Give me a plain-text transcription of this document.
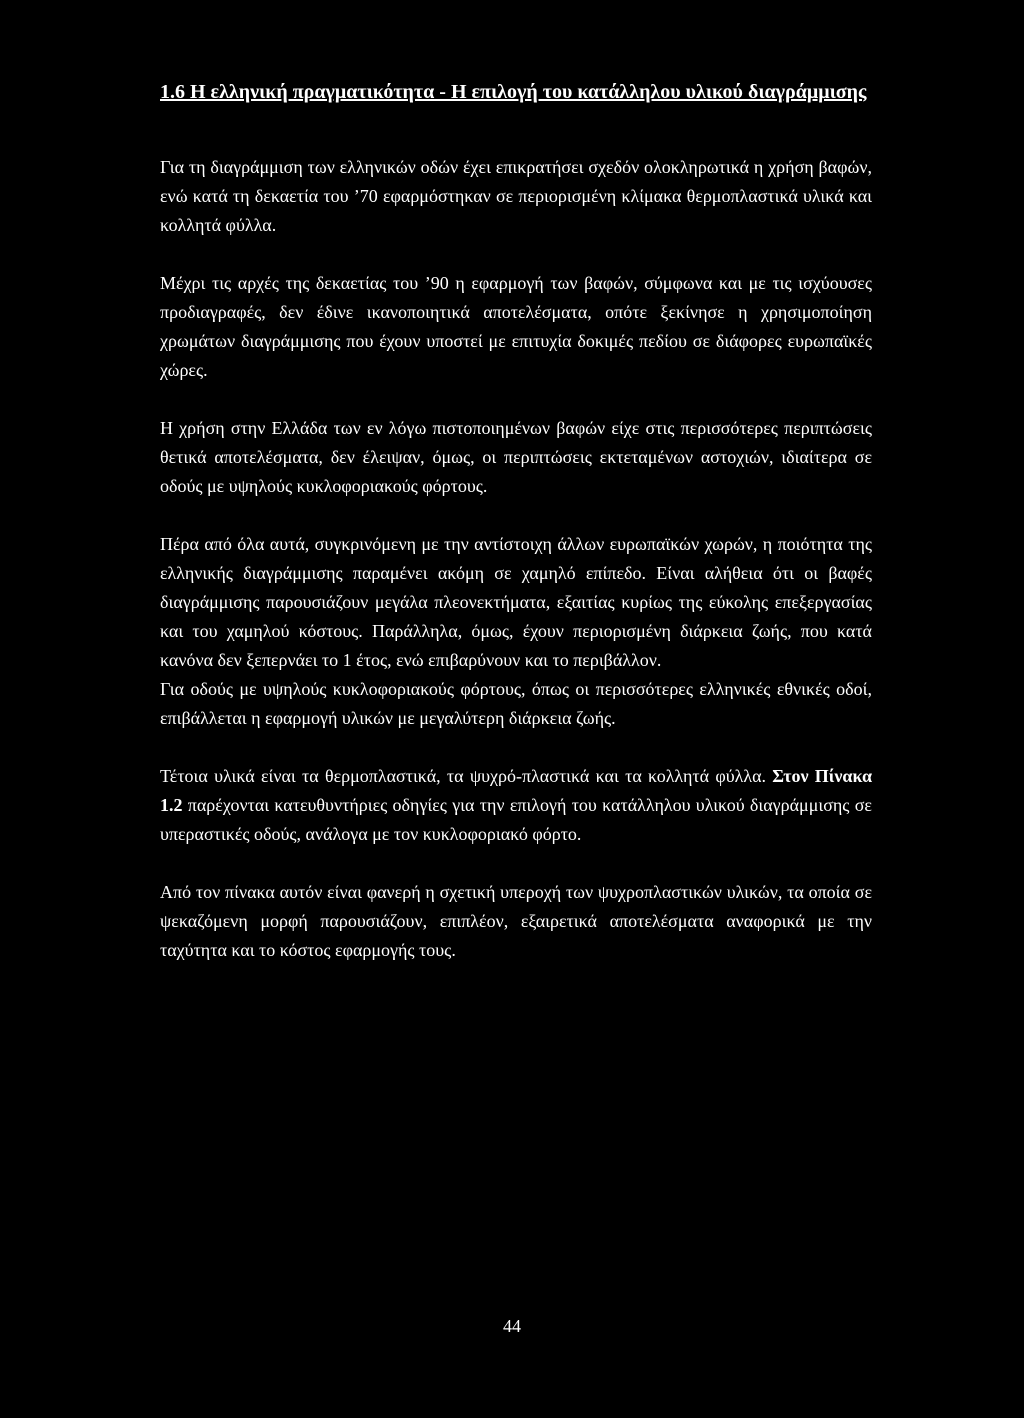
1.6 Η ελληνική πραγματικότητα - Η επιλογή του κατάλληλου υλικού διαγράμμισης

Για τη διαγράμμιση των ελληνικών οδών έχει επικρατήσει σχεδόν ολοκληρωτικά η χρήση βαφών, ενώ κατά τη δεκαετία του ’70 εφαρμόστηκαν σε περιορισμένη κλίμακα θερμοπλαστικά υλικά και κολλητά φύλλα.

Μέχρι τις αρχές της δεκαετίας του ’90 η εφαρμογή των βαφών, σύμφωνα και με τις ισχύουσες προδιαγραφές, δεν έδινε ικανοποιητικά αποτελέσματα, οπότε ξεκίνησε η χρησιμοποίηση χρωμάτων διαγράμμισης που έχουν υποστεί με επιτυχία δοκιμές πεδίου σε διάφορες ευρωπαϊκές χώρες.

Η χρήση στην Ελλάδα των εν λόγω πιστοποιημένων βαφών είχε στις περισσότερες περιπτώσεις θετικά αποτελέσματα, δεν έλειψαν, όμως, οι περιπτώσεις εκτεταμένων αστοχιών, ιδιαίτερα σε οδούς με υψηλούς κυκλοφοριακούς φόρτους.

Πέρα από όλα αυτά, συγκρινόμενη με την αντίστοιχη άλλων ευρωπαϊκών χωρών, η ποιότητα της ελληνικής διαγράμμισης παραμένει ακόμη σε χαμηλό επίπεδο. Είναι αλήθεια ότι οι βαφές διαγράμμισης παρουσιάζουν μεγάλα πλεονεκτήματα, εξαιτίας κυρίως της εύκολης επεξεργασίας και του χαμηλού κόστους. Παράλληλα, όμως, έχουν περιορισμένη διάρκεια ζωής, που κατά κανόνα δεν ξεπερνάει το 1 έτος, ενώ επιβαρύνουν και το περιβάλλον.

Για οδούς με υψηλούς κυκλοφοριακούς φόρτους, όπως οι περισσότερες ελληνικές εθνικές οδοί, επιβάλλεται η εφαρμογή υλικών με μεγαλύτερη διάρκεια ζωής.

Τέτοια υλικά είναι τα θερμοπλαστικά, τα ψυχρό-πλαστικά και τα κολλητά φύλλα. Στον Πίνακα 1.2 παρέχονται κατευθυντήριες οδηγίες για την επιλογή του κατάλληλου υλικού διαγράμμισης σε υπεραστικές οδούς, ανάλογα με τον κυκλοφοριακό φόρτο.

Από τον πίνακα αυτόν είναι φανερή η σχετική υπεροχή των ψυχροπλαστικών υλικών, τα οποία σε ψεκαζόμενη μορφή παρουσιάζουν, επιπλέον, εξαιρετικά αποτελέσματα αναφορικά με την ταχύτητα και το κόστος εφαρμογής τους.

44
